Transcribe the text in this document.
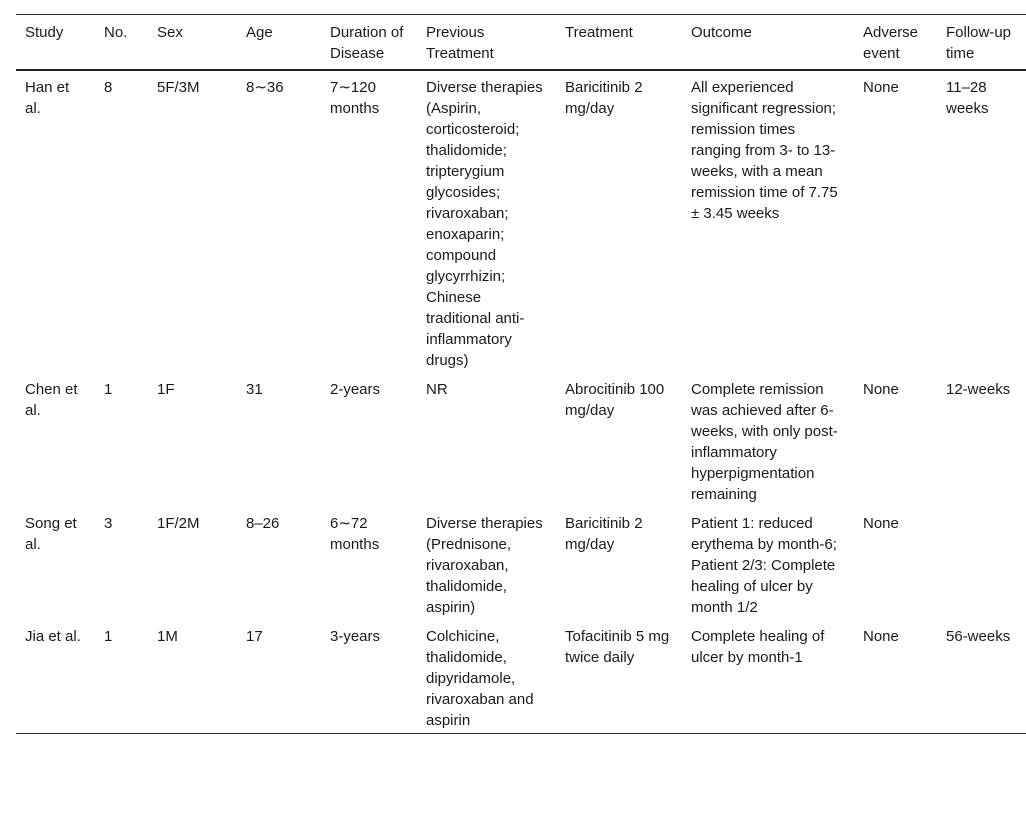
Study	No.	Sex	Age	Duration of Disease	Previous Treatment	Treatment	Outcome	Adverse event	Follow-up time
Han et al.	8	5F/3M	8∼36	7∼120 months	Diverse therapies (Aspirin, corticosteroid; thalidomide; tripterygium glycosides; rivaroxaban; enoxaparin; compound glycyrrhizin; Chinese traditional anti-inflammatory drugs)	Baricitinib 2 mg/day	All experienced significant regression; remission times ranging from 3- to 13-weeks, with a mean remission time of 7.75 ± 3.45 weeks	None	11–28 weeks
Chen et al.	1	1F	31	2-years	NR	Abrocitinib 100 mg/day	Complete remission was achieved after 6-weeks, with only post-inflammatory hyperpigmentation remaining	None	12-weeks
Song et al.	3	1F/2M	8–26	6∼72 months	Diverse therapies (Prednisone, rivaroxaban, thalidomide, aspirin)	Baricitinib 2 mg/day	Patient 1: reduced erythema by month-6; Patient 2/3: Complete healing of ulcer by month 1/2	None	
Jia et al.	1	1M	17	3-years	Colchicine, thalidomide, dipyridamole, rivaroxaban and aspirin	Tofacitinib 5 mg twice daily	Complete healing of ulcer by month-1	None	56-weeks
